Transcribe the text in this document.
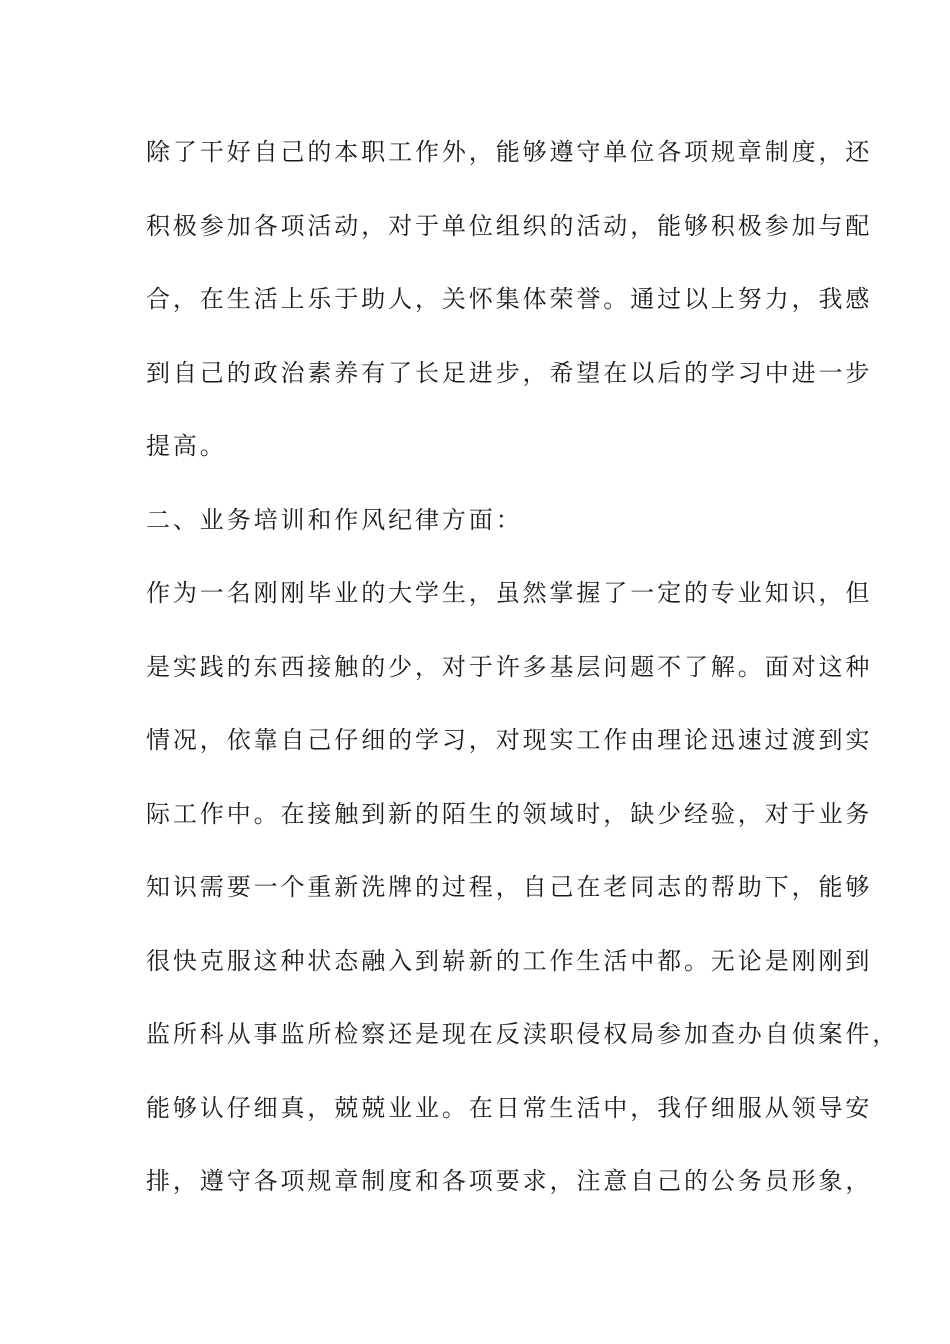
除了干好自己的本职工作外，能够遵守单位各项规章制度，还
积极参加各项活动，对于单位组织的活动，能够积极参加与配
合，在生活上乐于助人，关怀集体荣誉。通过以上努力，我感
到自己的政治素养有了长足进步，希望在以后的学习中进一步
提高。
二、业务培训和作风纪律方面：
作为一名刚刚毕业的大学生，虽然掌握了一定的专业知识，但
是实践的东西接触的少，对于许多基层问题不了解。面对这种
情况，依靠自己仔细的学习，对现实工作由理论迅速过渡到实
际工作中。在接触到新的陌生的领域时，缺少经验，对于业务
知识需要一个重新洗牌的过程，自己在老同志的帮助下，能够
很快克服这种状态融入到崭新的工作生活中都。无论是刚刚到
监所科从事监所检察还是现在反渎职侵权局参加查办自侦案件，
能够认仔细真，兢兢业业。在日常生活中，我仔细服从领导安
排，遵守各项规章制度和各项要求，注意自己的公务员形象，
